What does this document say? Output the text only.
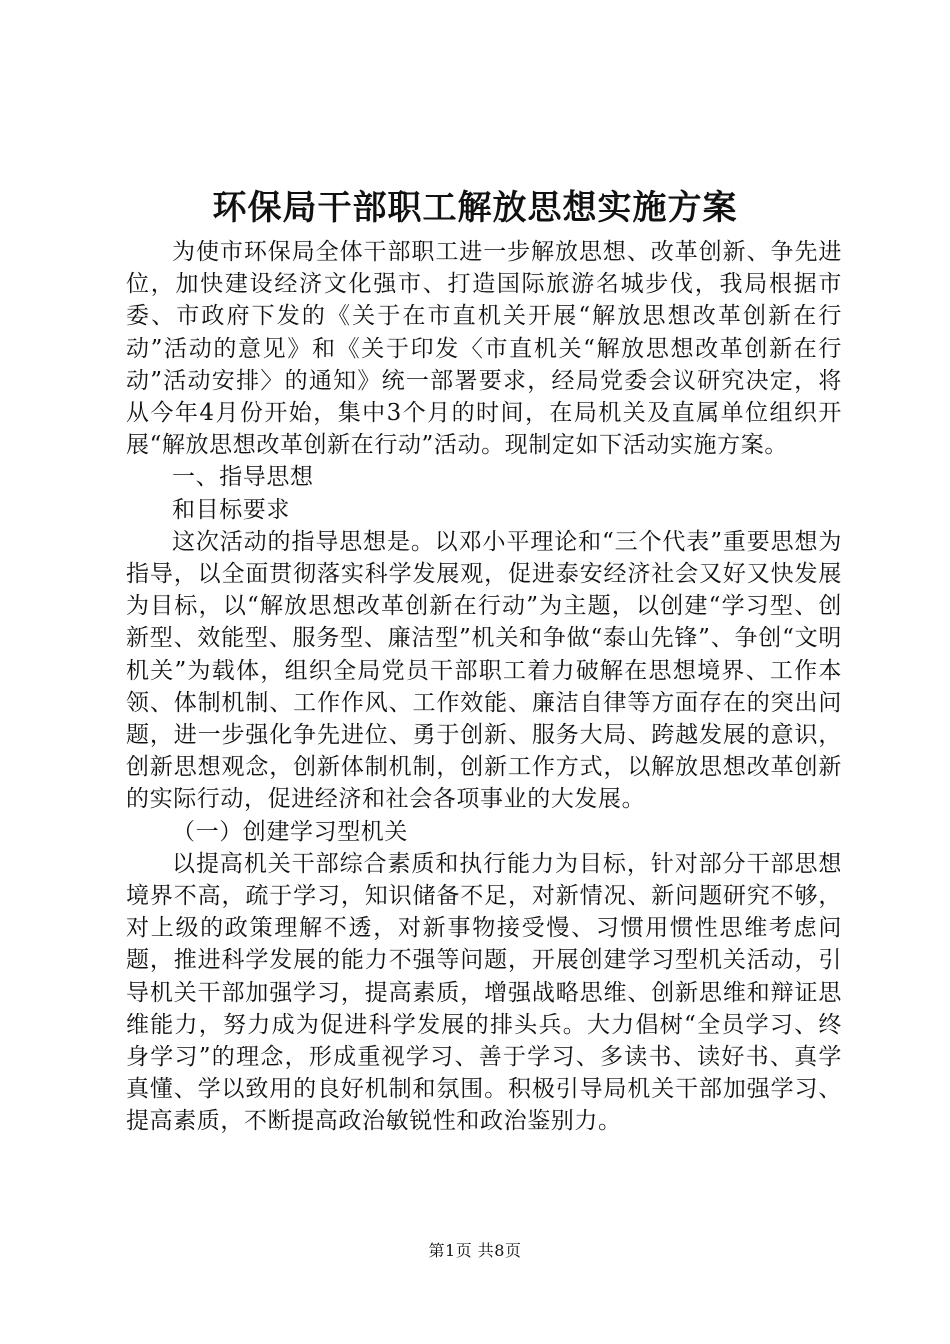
环保局干部职工解放思想实施方案

为使市环保局全体干部职工进一步解放思想、改革创新、争先进位，加快建设经济文化强市、打造国际旅游名城步伐，我局根据市委、市政府下发的《关于在市直机关开展“解放思想改革创新在行动”活动的意见》和《关于印发〈市直机关“解放思想改革创新在行动”活动安排〉的通知》统一部署要求，经局党委会议研究决定，将从今年4月份开始，集中3个月的时间，在局机关及直属单位组织开展“解放思想改革创新在行动”活动。现制定如下活动实施方案。

一、指导思想

和目标要求

这次活动的指导思想是。以邓小平理论和“三个代表”重要思想为指导，以全面贯彻落实科学发展观，促进泰安经济社会又好又快发展为目标，以“解放思想改革创新在行动”为主题，以创建“学习型、创新型、效能型、服务型、廉洁型”机关和争做“泰山先锋”、争创“文明机关”为载体，组织全局党员干部职工着力破解在思想境界、工作本领、体制机制、工作作风、工作效能、廉洁自律等方面存在的突出问题，进一步强化争先进位、勇于创新、服务大局、跨越发展的意识，创新思想观念，创新体制机制，创新工作方式，以解放思想改革创新的实际行动，促进经济和社会各项事业的大发展。

（一）创建学习型机关

以提高机关干部综合素质和执行能力为目标，针对部分干部思想境界不高，疏于学习，知识储备不足，对新情况、新问题研究不够，对上级的政策理解不透，对新事物接受慢、习惯用惯性思维考虑问题，推进科学发展的能力不强等问题，开展创建学习型机关活动，引导机关干部加强学习，提高素质，增强战略思维、创新思维和辩证思维能力，努力成为促进科学发展的排头兵。大力倡树“全员学习、终身学习”的理念，形成重视学习、善于学习、多读书、读好书、真学真懂、学以致用的良好机制和氛围。积极引导局机关干部加强学习、提高素质，不断提高政治敏锐性和政治鉴别力。

第1页 共8页
